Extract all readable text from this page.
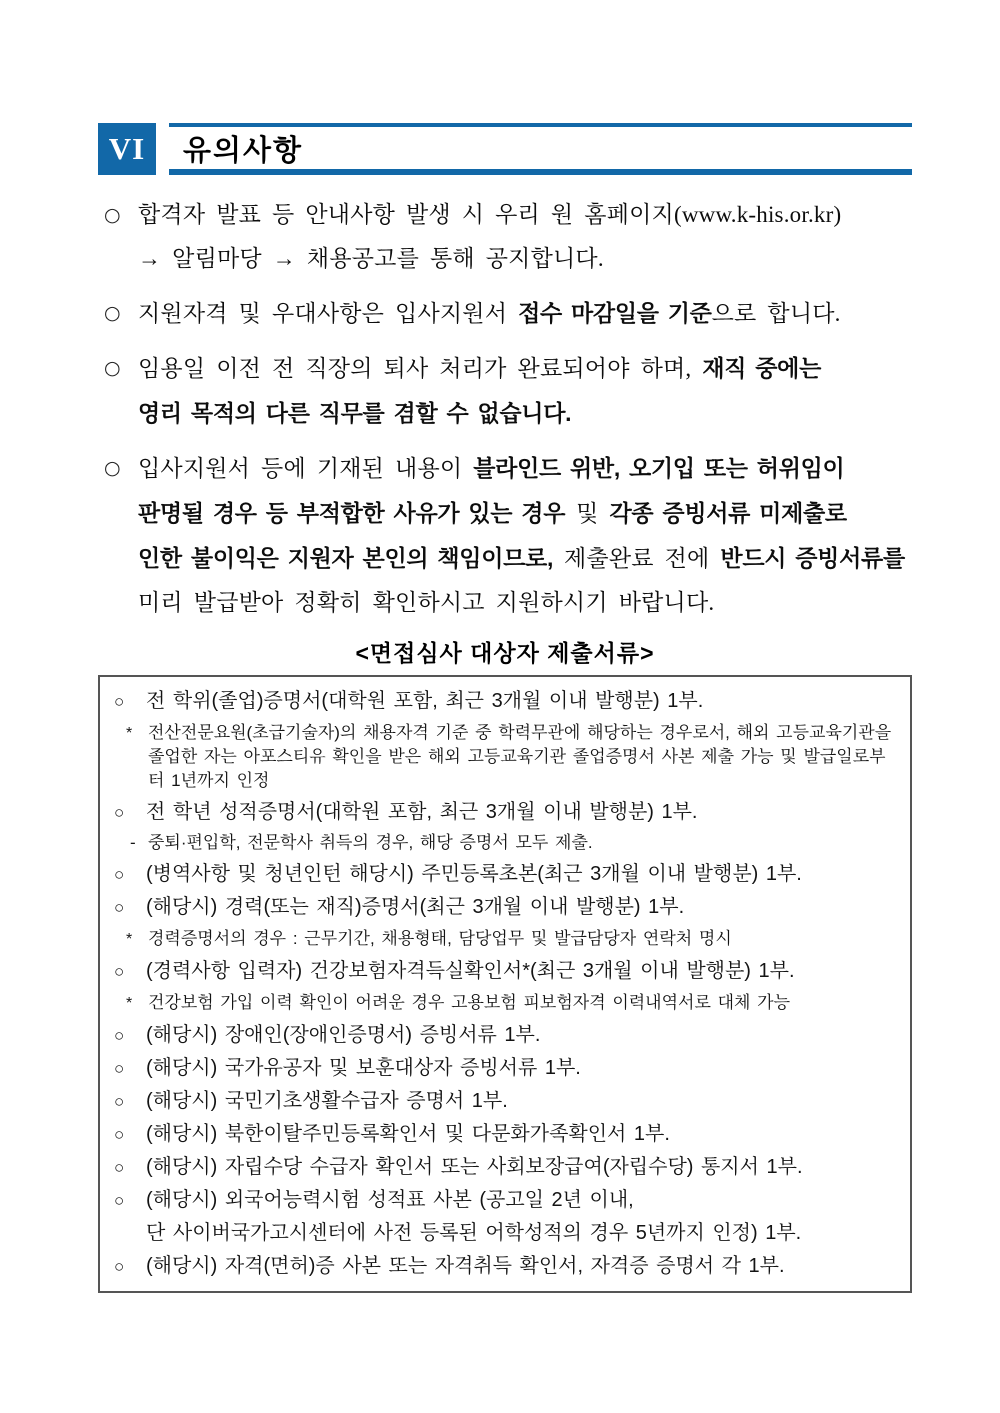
VI 유의사항
○ 합격자 발표 등 안내사항 발생 시 우리 원 홈페이지(www.k-his.or.kr)
→ 알림마당 → 채용공고를 통해 공지합니다.
○ 지원자격 및 우대사항은 입사지원서 접수 마감일을 기준으로 합니다.
○ 임용일 이전 전 직장의 퇴사 처리가 완료되어야 하며, 재직 중에는
영리 목적의 다른 직무를 겸할 수 없습니다.
○ 입사지원서 등에 기재된 내용이 블라인드 위반, 오기입 또는 허위임이
판명될 경우 등 부적합한 사유가 있는 경우 및 각종 증빙서류 미제출로
인한 불이익은 지원자 본인의 책임이므로, 제출완료 전에 반드시 증빙서류를
미리 발급받아 정확히 확인하시고 지원하시기 바랍니다.
<면접심사 대상자 제출서류>
○	전 학위(졸업)증명서(대학원 포함, 최근 3개월 이내 발행분) 1부.
* 전산전문요원(초급기술자)의 채용자격 기준 중 학력무관에 해당하는 경우로서, 해외 고등교육기관을 졸업한 자는 아포스티유 확인을 받은 해외 고등교육기관 졸업증명서 사본 제출 가능 및 발급일로부터 1년까지 인정
○	전 학년 성적증명서(대학원 포함, 최근 3개월 이내 발행분) 1부.
- 중퇴·편입학, 전문학사 취득의 경우, 해당 증명서 모두 제출.
○	(병역사항 및 청년인턴 해당시) 주민등록초본(최근 3개월 이내 발행분) 1부.
○	(해당시) 경력(또는 재직)증명서(최근 3개월 이내 발행분) 1부.
* 경력증명서의 경우 : 근무기간, 채용형태, 담당업무 및 발급담당자 연락처 명시
○	(경력사항 입력자) 건강보험자격득실확인서*(최근 3개월 이내 발행분) 1부.
* 건강보험 가입 이력 확인이 어려운 경우 고용보험 피보험자격 이력내역서로 대체 가능
○	(해당시) 장애인(장애인증명서) 증빙서류 1부.
○	(해당시) 국가유공자 및 보훈대상자 증빙서류 1부.
○	(해당시) 국민기초생활수급자 증명서 1부.
○	(해당시) 북한이탈주민등록확인서 및 다문화가족확인서 1부.
○	(해당시) 자립수당 수급자 확인서 또는 사회보장급여(자립수당) 통지서 1부.
○	(해당시) 외국어능력시험 성적표 사본 (공고일 2년 이내,
단 사이버국가고시센터에 사전 등록된 어학성적의 경우 5년까지 인정) 1부.
○	(해당시) 자격(면허)증 사본 또는 자격취득 확인서, 자격증 증명서 각 1부.
